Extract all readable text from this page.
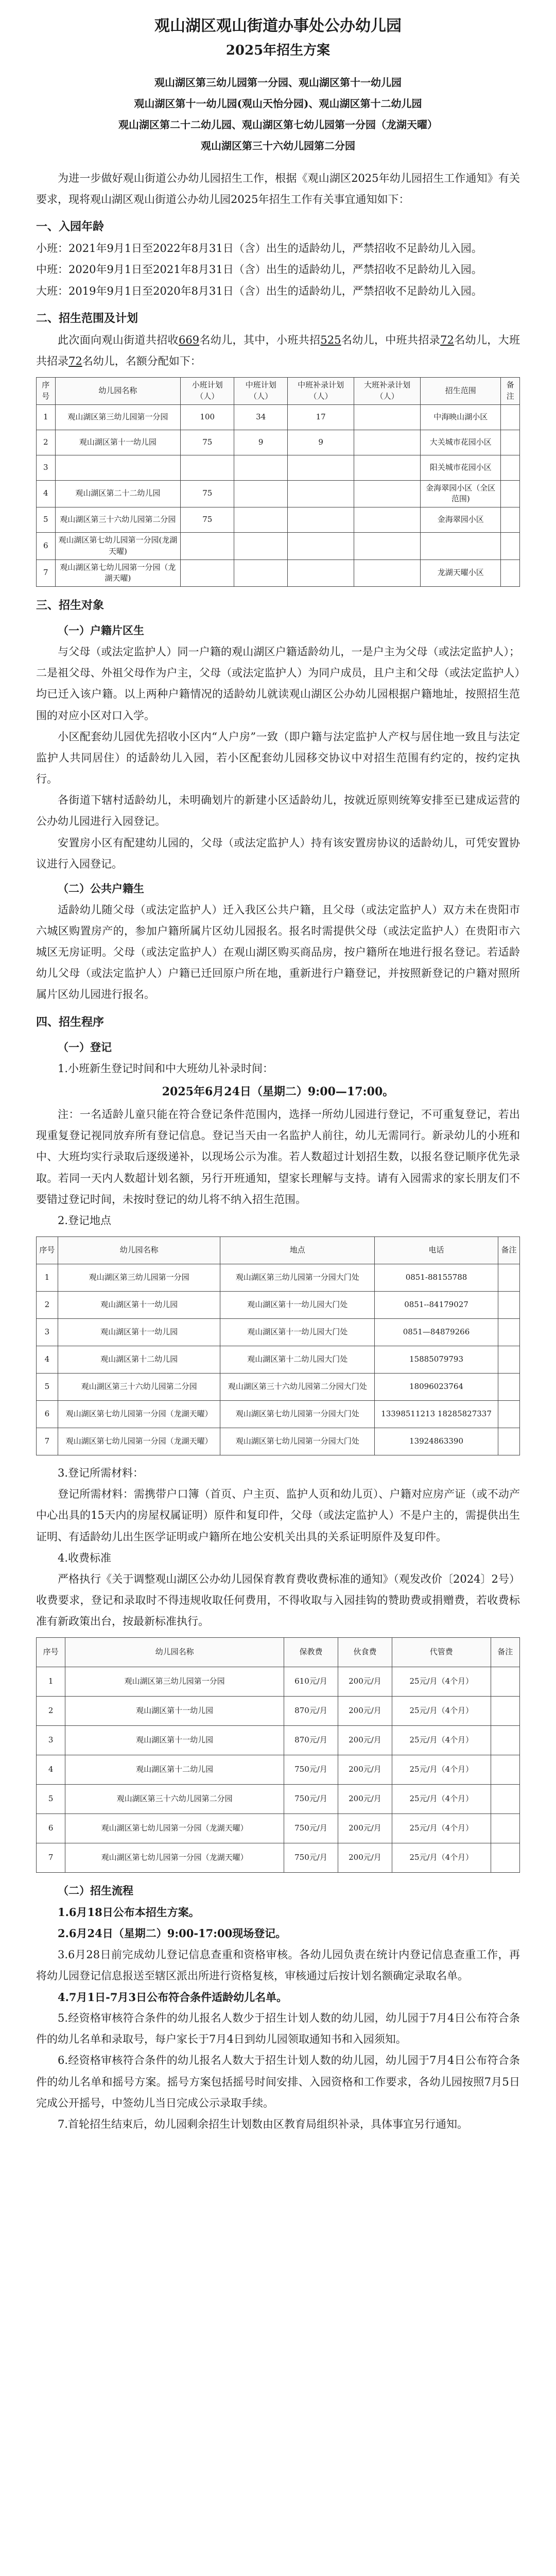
观山湖区观山街道办事处公办幼儿园
2025年招生方案
观山湖区第三幼儿园第一分园、观山湖区第十一幼儿园
观山湖区第十一幼儿园(观山天怡分园)、观山湖区第十二幼儿园
观山湖区第二十二幼儿园、观山湖区第七幼儿园第一分园（龙湖天曜）
观山湖区第三十六幼儿园第二分园

为进一步做好观山街道公办幼儿园招生工作，根据《观山湖区2025年幼儿园招生工作通知》有关要求，现将观山湖区观山街道公办幼儿园2025年招生工作有关事宜通知如下：

一、入园年龄

小班：2021年9月1日至2022年8月31日（含）出生的适龄幼儿，严禁招收不足龄幼儿入园。

中班：2020年9月1日至2021年8月31日（含）出生的适龄幼儿，严禁招收不足龄幼儿入园。

大班：2019年9月1日至2020年8月31日（含）出生的适龄幼儿，严禁招收不足龄幼儿入园。

二、招生范围及计划

此次面向观山街道共招收669名幼儿，其中，小班共招525名幼儿，中班共招录72名幼儿，大班共招录72名幼儿，名额分配如下：

序号	幼儿园名称	小班计划（人）	中班计划（人）	中班补录计划（人）	大班补录计划（人）	招生范围	备注
1	观山湖区第三幼儿园第一分园	100	34	17		中海映山湖小区	
2	观山湖区第十一幼儿园	75	9	9		大关城市花园小区	
3						阳关城市花园小区	
4	观山湖区第二十二幼儿园	75				金海翠园小区（全区范围)	
5	观山湖区第三十六幼儿园第二分园	75				金海翠园小区	
6	观山湖区第七幼儿园第一分园(龙湖天曜)						
7	观山湖区第七幼儿园第一分园（龙湖天曜)					龙湖天曜小区	
三、招生对象
（一）户籍片区生

与父母（或法定监护人）同一户籍的观山湖区户籍适龄幼儿，一是户主为父母（或法定监护人）；二是祖父母、外祖父母作为户主，父母（或法定监护人）为同户成员，且户主和父母（或法定监护人）均已迁入该户籍。以上两种户籍情况的适龄幼儿就读观山湖区公办幼儿园根据户籍地址，按照招生范围的对应小区对口入学。

小区配套幼儿园优先招收小区内“人户房”一致（即户籍与法定监护人产权与居住地一致且与法定监护人共同居住）的适龄幼儿入园，若小区配套幼儿园移交协议中对招生范围有约定的，按约定执行。

各街道下辖村适龄幼儿，未明确划片的新建小区适龄幼儿，按就近原则统筹安排至已建成运营的公办幼儿园进行入园登记。

安置房小区有配建幼儿园的，父母（或法定监护人）持有该安置房协议的适龄幼儿，可凭安置协议进行入园登记。

（二）公共户籍生

适龄幼儿随父母（或法定监护人）迁入我区公共户籍，且父母（或法定监护人）双方未在贵阳市六城区购置房产的，参加户籍所属片区幼儿园报名。报名时需提供父母（或法定监护人）在贵阳市六城区无房证明。父母（或法定监护人）在观山湖区购买商品房，按户籍所在地进行报名登记。若适龄幼儿父母（或法定监护人）户籍已迁回原户所在地，重新进行户籍登记，并按照新登记的户籍对照所属片区幼儿园进行报名。

四、招生程序
（一）登记

1.小班新生登记时间和中大班幼儿补录时间：

2025年6月24日（星期二）9:00—17:00。

注：一名适龄儿童只能在符合登记条件范围内，选择一所幼儿园进行登记，不可重复登记，若出现重复登记视同放弃所有登记信息。登记当天由一名监护人前往，幼儿无需同行。新录幼儿的小班和中、大班均实行录取后逐级递补，以现场公示为准。若人数超过计划招生数，以报名登记顺序优先录取。若同一天内人数超计划名额，另行开班通知，望家长理解与支持。请有入园需求的家长朋友们不要错过登记时间，未按时登记的幼儿将不纳入招生范围。

2.登记地点

序号	幼儿园名称	地点	电话	备注
1	观山湖区第三幼儿园第一分园	观山湖区第三幼儿园第一分园大门处	0851-88155788	
2	观山湖区第十一幼儿园	观山湖区第十一幼儿园大门处	0851--84179027	
3	观山湖区第十一幼儿园	观山湖区第十一幼儿园大门处	0851—84879266	
4	观山湖区第十二幼儿园	观山湖区第十二幼儿园大门处	15885079793	
5	观山湖区第三十六幼儿园第二分园	观山湖区第三十六幼儿园第二分园大门处	18096023764	
6	观山湖区第七幼儿园第一分园（龙湖天曜）	观山湖区第七幼儿园第一分园大门处	13398511213 18285827337	
7	观山湖区第七幼儿园第一分园（龙湖天曜）	观山湖区第七幼儿园第一分园大门处	13924863390	

3.登记所需材料：

登记所需材料：需携带户口簿（首页、户主页、监护人页和幼儿页）、户籍对应房产证（或不动产中心出具的15天内的房屋权属证明）原件和复印件，父母（或法定监护人）不是户主的，需提供出生证明、有适龄幼儿出生医学证明或户籍所在地公安机关出具的关系证明原件及复印件。

4.收费标准

严格执行《关于调整观山湖区公办幼儿园保育教育费收费标准的通知》（观发改价〔2024〕2号）收费要求，登记和录取时不得违规收取任何费用，不得收取与入园挂钩的赞助费或捐赠费，若收费标准有新政策出台，按最新标准执行。

序号	幼儿园名称	保教费	伙食费	代管费	备注
1	观山湖区第三幼儿园第一分园	610元/月	200元/月	25元/月（4个月）	
2	观山湖区第十一幼儿园	870元/月	200元/月	25元/月（4个月）	
3	观山湖区第十一幼儿园	870元/月	200元/月	25元/月（4个月）	
4	观山湖区第十二幼儿园	750元/月	200元/月	25元/月（4个月）	
5	观山湖区第三十六幼儿园第二分园	750元/月	200元/月	25元/月（4个月）	
6	观山湖区第七幼儿园第一分园（龙湖天曜）	750元/月	200元/月	25元/月（4个月）	
7	观山湖区第七幼儿园第一分园（龙湖天曜）	750元/月	200元/月	25元/月（4个月）	
（二）招生流程

1.6月18日公布本招生方案。

2.6月24日（星期二）9:00-17:00现场登记。

3.6月28日前完成幼儿登记信息查重和资格审核。各幼儿园负责在统计内登记信息查重工作，再将幼儿园登记信息报送至辖区派出所进行资格复核，审核通过后按计划名额确定录取名单。

4.7月1日-7月3日公布符合条件适龄幼儿名单。

5.经资格审核符合条件的幼儿报名人数少于招生计划人数的幼儿园，幼儿园于7月4日公布符合条件的幼儿名单和录取号，每户家长于7月4日到幼儿园领取通知书和入园须知。

6.经资格审核符合条件的幼儿报名人数大于招生计划人数的幼儿园，幼儿园于7月4日公布符合条件的幼儿名单和摇号方案。摇号方案包括摇号时间安排、入园资格和工作要求，各幼儿园按照7月5日完成公开摇号，中签幼儿当日完成公示录取手续。

7.首轮招生结束后，幼儿园剩余招生计划数由区教育局组织补录，具体事宜另行通知。
